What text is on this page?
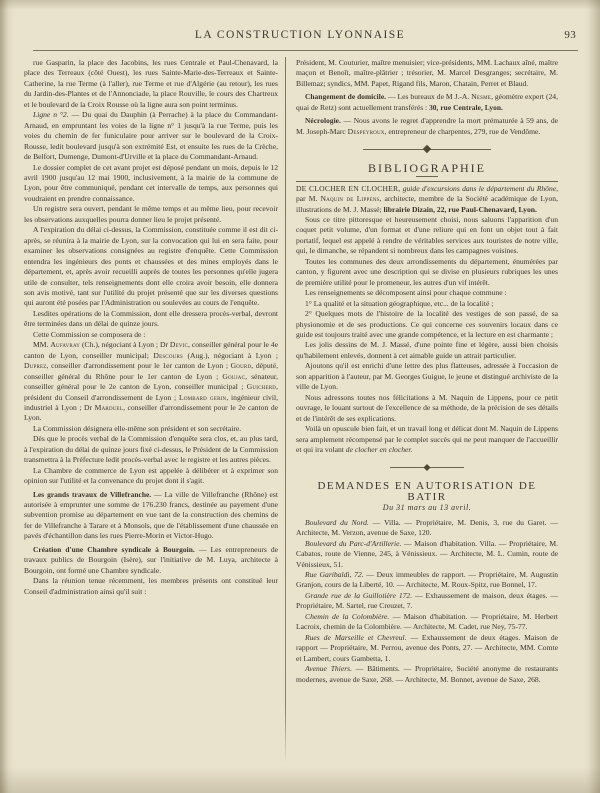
LA CONSTRUCTION LYONNAISE	93

rue Gasparin, la place des Jacobins, les rues Centrale et Paul-Chenavard, la place des Terreaux (côté Ouest), les rues Sainte-Marie-des-Terreaux et Sainte-Catherine, la rue Terme (à l'aller), rue Terme et rue d'Algérie (au retour), les rues du Jardin-des-Plantes et de l'Annonciade, la place Rouville, le cours des Chartreux et le boulevard de la Croix Rousse où la ligne aura son point terminus.

Ligne n °2. — Du quai du Dauphin (à Perrache) à la place du Commandant-Arnaud, en empruntant les voies de la ligne n° 1 jusqu'à la rue Terme, puis les voies du chemin de fer funiculaire pour arriver sur le boulevard de la Croix-Rousse, ledit boulevard jusqu'à son extrémité Est, et ensuite les rues de la Crèche, de Belfort, Dumenge, Dumont-d'Urville et la place du Commandant-Arnaud.

Le dossier complet de cet avant projet est déposé pendant un mois, depuis le 12 avril 1900 jusqu'au 12 mai 1900, inclusivement, à la mairie de la commune de Lyon, pour être communiqué, pendant cet intervalle de temps, aux personnes qui voudraient en prendre connaissance.

Un registre sera ouvert, pendant le même temps et au même lieu, pour recevoir les observations auxquelles pourra donner lieu le projet présenté.

A l'expiration du délai ci-dessus, la Commission, constituée comme il est dit ci-après, se réunira à la mairie de Lyon, sur la convocation qui lui en sera faite, pour examiner les observations consignées au registre d'enquête. Cette Commission entendra les ingénieurs des ponts et chaussées et des mines employés dans le département, et, après avoir recueilli auprès de toutes les personnes qu'elle jugera utile de consulter, tels renseignements dont elle croira avoir besoin, elle donnera son avis motivé, tant sur l'utilité du projet présenté que sur les diverses questions qui auront été posées par l'Administration ou soulevées au cours de l'enquête.

Lesdites opérations de la Commission, dont elle dressera procès-verbal, devront être terminées dans un délai de quinze jours.

Cette Commission se composera de :

MM. Aufavray (Ch.), négociant à Lyon ; Dr Devic, conseiller général pour le 4e canton de Lyon, conseiller municipal; Descours (Aug.), négociant à Lyon ; Duprez, conseiller d'arrondissement pour le 1er canton de Lyon ; Gourd, député, conseiller général du Rhône pour le 1er canton de Lyon ; Goujac, sénateur, conseiller général pour le 2e canton de Lyon, conseiller municipal ; Guicherd, président du Conseil d'arrondissement de Lyon ; Lombard gerin, ingénieur civil, industriel à Lyon ; Dr Marduel, conseiller d'arrondissement pour le 2e canton de Lyon.

La Commission désignera elle-même son président et son secrétaire.

Dès que le procès verbal de la Commission d'enquête sera clos, et, au plus tard, à l'expiration du délai de quinze jours fixé ci-dessus, le Président de la Commission transmettra à la Préfecture ledit procès-verbal avec le registre et les autres pièces.

La Chambre de commerce de Lyon est appelée à délibérer et à exprimer son opinion sur l'utilité et la convenance du projet dont il s'agit.

Les grands travaux de Villefranche. — La ville de Villefranche (Rhône) est autorisée à emprunter une somme de 176.230 francs, destinée au payement d'une subvention promise au département en vue tant de la construction des chemins de fer de Villefranche à Tarare et à Monsols, que de l'établissement d'une chaussée en pavés d'échantillon dans les rues Pierre-Morin et Victor-Hugo.

Création d'une Chambre syndicale à Bourgoin. — Les entrepreneurs de travaux publics de Bourgoin (Isère), sur l'initiative de M. Luya, architecte à Bourgoin, ont formé une Chambre syndicale.

Dans la réunion tenue récemment, les membres présents ont constitué leur Conseil d'administration ainsi qu'il suit :

Président, M. Couturier, maître menuisier; vice-présidents, MM. Lachaux aîné, maître maçon et Benoît, maître-plâtrier ; trésorier, M. Marcel Desgranges; secrétaire, M. Billemaz; syndics, MM. Papet, Rigand fils, Maron, Chatain, Perret et Blaud.

Changement de domicile. — Les bureaux de M J.-A. Nesme, géomètre expert (24, quai de Retz) sont actuellement transférés : 30, rue Centrale, Lyon.

Nécrologie. — Nous avons le regret d'apprendre la mort prématurée à 59 ans, de M. Joseph-Marc Despeyroux, entrepreneur de charpentes, 279, rue de Vendôme.

BIBLIOGRAPHIE

DE CLOCHER EN CLOCHER, guide d'excursions dans le département du Rhône, par M. Naquin de Lippens, architecte, membre de la Société académique de Lyon, illustrations de M. J. Massé; librairie Dizain, 22, rue Paul-Chenavard, Lyon.

Sous ce titre pittoresque et heureusement choisi, nous saluons l'apparition d'un coquet petit volume, d'un format et d'une reliure qui en font un objet tout à fait portatif, lequel est appelé à rendre de véritables services aux touristes de notre ville, qui, le dimanche, se répandent si nombreux dans les campagnes voisines.

Toutes les communes des deux arrondissements du département, énumérées par canton, y figurent avec une description qui se divise en plusieurs rubriques les unes de première utilité pour le promeneur, les autres d'un vif intérêt.

Les renseignements se décomposent ainsi pour chaque commune :

1° La qualité et la situation géographique, etc... de la localité ;

2° Quelques mots de l'histoire de la localité des vestiges de son passé, de sa physionomie et de ses productions. Ce qui concerne ces souvenirs locaux dans ce guide est toujours traité avec une grande compétence, et la lecture en est charmante ;

Les jolis dessins de M. J. Massé, d'une pointe fine et légère, aussi bien choisis qu'habilement enlevés, donnent à cet aimable guide un attrait particulier.

Ajoutons qu'il est enrichi d'une lettre des plus flatteuses, adressée à l'occasion de son apparition à l'auteur, par M. Georges Guigue, le jeune et distingué archiviste de la ville de Lyon.

Nous adressons toutes nos félicitations à M. Naquin de Lippens, pour ce petit ouvrage, le louant surtout de l'excellence de sa méthode, de la précision de ses détails et de l'intérêt de ses explications.

Voilà un opuscule bien fait, et un travail long et délicat dont M. Naquin de Lippens sera amplement récompensé par le complet succès qui ne peut manquer de l'accueillir et qui ira volant de clocher en clocher.

DEMANDES EN AUTORISATION DE BATIR

Du 31 mars au 13 avril.

Boulevard du Nord. — Villa. — Propriétaire, M. Denis, 3, rue du Garet. — Architecte, M. Verzon, avenue de Saxe, 120.

Boulevard du Parc-d'Artillerie. — Maison d'habitation. Villa. — Propriétaire, M. Cabatos, route de Vienne, 245, à Vénissieux. — Architecte, M. L. Cumin, route de Vénissieux, 51.

Rue Garibaldi, 72. — Deux immeubles de rapport. — Propriétaire, M. Augustin Granjon, cours de la Liberté, 10. — Architecte, M. Roux-Spitz, rue Bonnel, 17.

Grande rue de la Guillotière 172. — Exhaussement de maison, deux étages. — Propriétaire, M. Sartel, rue Creuzet, 7.

Chemin de la Colombière. — Maison d'habitation. — Propriétaire, M. Herbert Lacroix, chemin de la Colombière. — Architecte, M. Cadet, rue Ney, 75-77.

Rues de Marseille et Chevreul. — Exhaussement de deux étages. Maison de rapport — Propriétaire, M. Perrou, avenue des Ponts, 27. — Architecte, MM. Comte et Lambert, cours Gambetta, 1.

Avenue Thiers. — Bâtiments. — Propriétaire, Société anonyme de restaurants modernes, avenue de Saxe, 268. — Architecte, M. Bonnet, avenue de Saxe, 268.
